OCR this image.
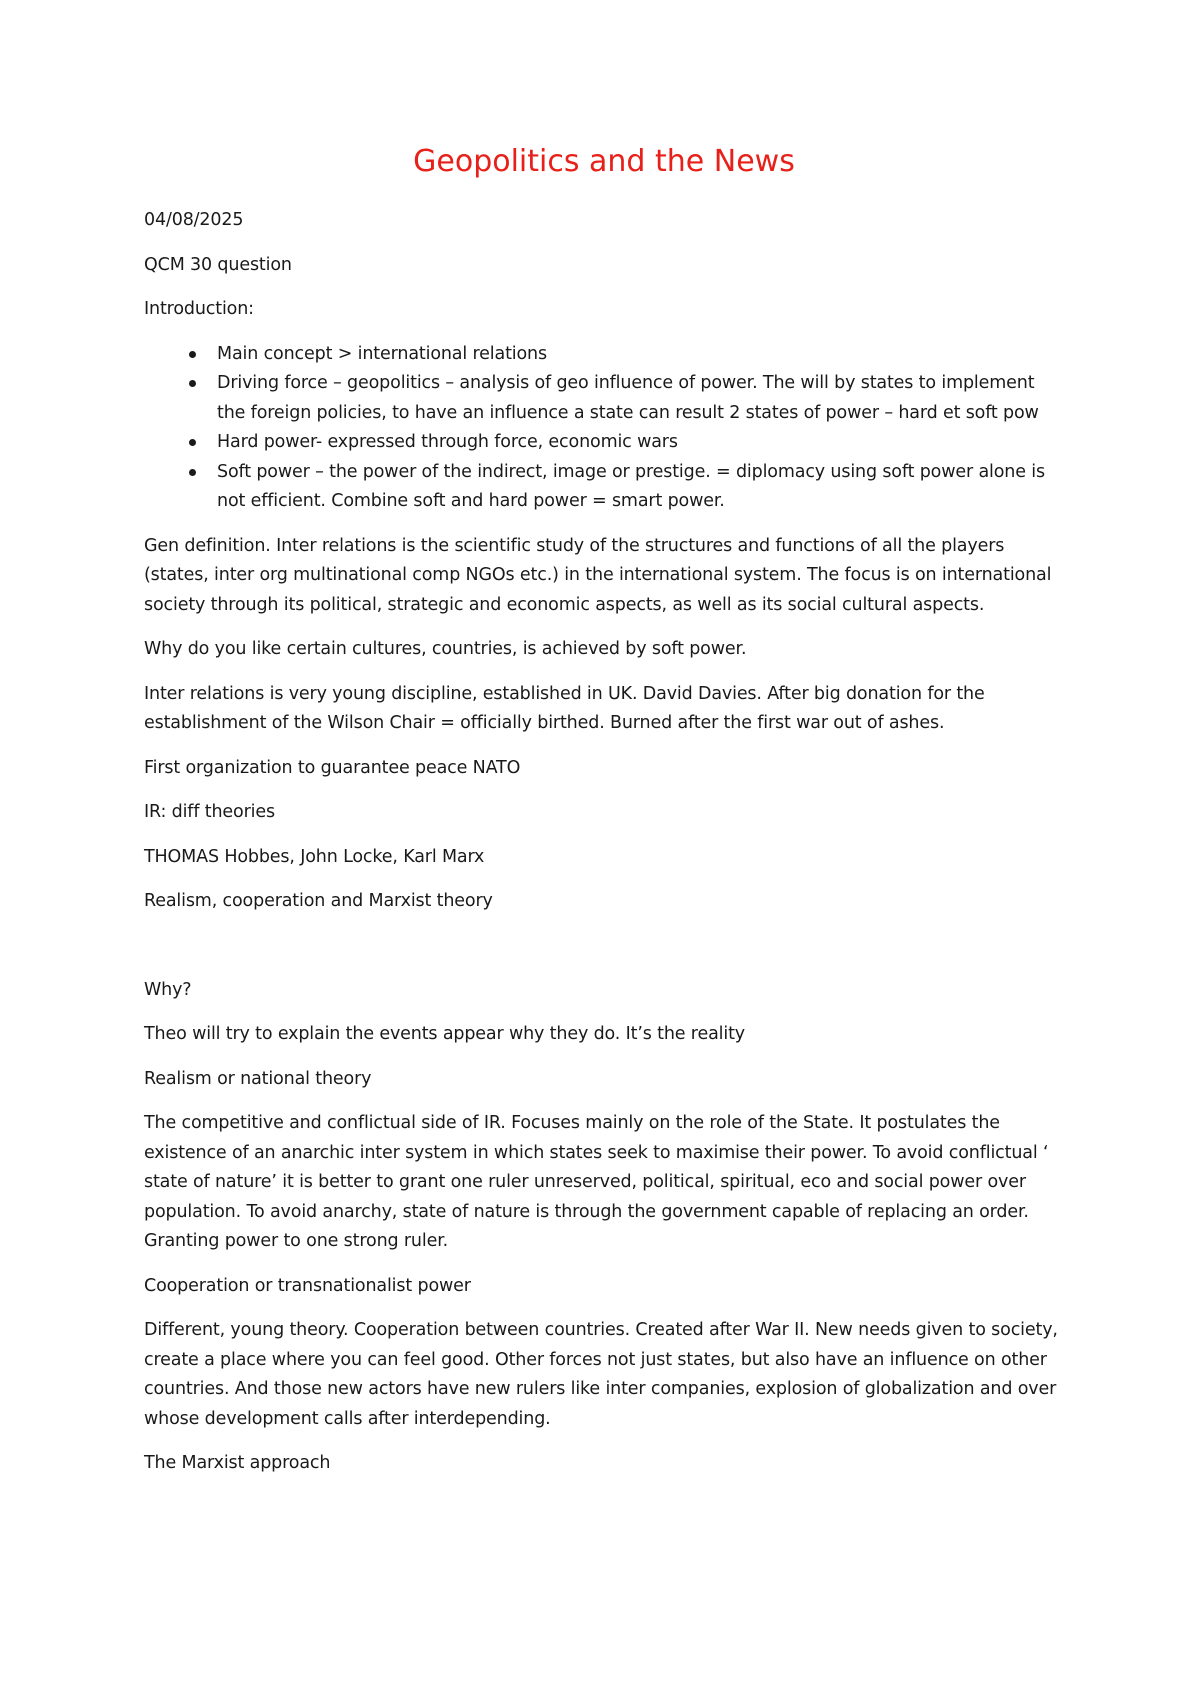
Geopolitics and the News

04/08/2025

QCM 30 question

Introduction:

Main concept > international relations
Driving force – geopolitics – analysis of geo influence of power. The will by states to implement the foreign policies, to have an influence a state can result 2 states of power – hard et soft pow
Hard power- expressed through force, economic wars
Soft power – the power of the indirect, image or prestige. = diplomacy using soft power alone is not efficient. Combine soft and hard power = smart power.

Gen definition. Inter relations is the scientific study of the structures and functions of all the players (states, inter org multinational comp NGOs etc.) in the international system. The focus is on international society through its political, strategic and economic aspects, as well as its social cultural aspects.

Why do you like certain cultures, countries, is achieved by soft power.

Inter relations is very young discipline, established in UK. David Davies. After big donation for the establishment of the Wilson Chair = officially birthed. Burned after the first war out of ashes.

First organization to guarantee peace NATO

IR: diff theories

THOMAS Hobbes, John Locke, Karl Marx

Realism, cooperation and Marxist theory

Why?

Theo will try to explain the events appear why they do. It’s the reality

Realism or national theory

The competitive and conflictual side of IR. Focuses mainly on the role of the State. It postulates the existence of an anarchic inter system in which states seek to maximise their power. To avoid conflictual ‘ state of nature’ it is better to grant one ruler unreserved, political, spiritual, eco and social power over population. To avoid anarchy, state of nature is through the government capable of replacing an order. Granting power to one strong ruler.

Cooperation or transnationalist power

Different, young theory. Cooperation between countries. Created after War II. New needs given to society, create a place where you can feel good. Other forces not just states, but also have an influence on other countries. And those new actors have new rulers like inter companies, explosion of globalization and over whose development calls after interdepending.

The Marxist approach
